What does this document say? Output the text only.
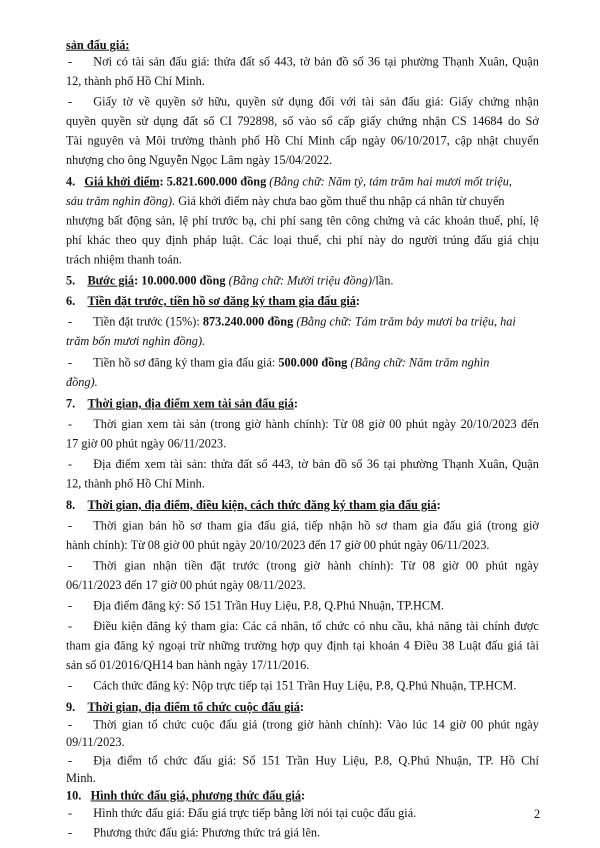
sản đấu giá:
- Nơi có tài sản đấu giá: thửa đất số 443, tờ bản đồ số 36 tại phường Thạnh Xuân, Quận
12, thành phố Hồ Chí Minh.
- Giấy tờ về quyền sở hữu, quyền sử dụng đối với tài sản đấu giá: Giấy chứng nhận
quyền quyền sử dụng đất số CI 792898, số vào sổ cấp giấy chứng nhận CS 14684 do Sở
Tài nguyên và Môi trường thành phố Hồ Chí Minh cấp ngày 06/10/2017, cập nhật chuyển
nhượng cho ông Nguyễn Ngọc Lâm ngày 15/04/2022.
4. Giá khởi điểm: 5.821.600.000 đồng (Bằng chữ: Năm tỷ, tám trăm hai mươi mốt triệu,
sáu trăm nghìn đồng). Giá khởi điểm này chưa bao gồm thuế thu nhập cá nhân từ chuyển
nhượng bất động sản, lệ phí trước bạ, chi phí sang tên công chứng và các khoản thuế, phí, lệ
phí khác theo quy định pháp luật. Các loại thuế, chi phí này do người trúng đấu giá chịu
trách nhiệm thanh toán.
5. Bước giá: 10.000.000 đồng (Bằng chữ: Mười triệu đồng)/lần.
6. Tiền đặt trước, tiền hồ sơ đăng ký tham gia đấu giá:
- Tiền đặt trước (15%): 873.240.000 đồng (Bằng chữ: Tám trăm bảy mươi ba triệu, hai
trăm bốn mươi nghìn đồng).
- Tiền hồ sơ đăng ký tham gia đấu giá: 500.000 đồng (Bằng chữ: Năm trăm nghìn
đồng).
7. Thời gian, địa điểm xem tài sản đấu giá:
- Thời gian xem tài sản (trong giờ hành chính): Từ 08 giờ 00 phút ngày 20/10/2023 đến
17 giờ 00 phút ngày 06/11/2023.
- Địa điểm xem tài sản: thửa đất số 443, tờ bản đồ số 36 tại phường Thạnh Xuân, Quận
12, thành phố Hồ Chí Minh.
8. Thời gian, địa điểm, điều kiện, cách thức đăng ký tham gia đấu giá:
- Thời gian bán hồ sơ tham gia đấu giá, tiếp nhận hồ sơ tham gia đấu giá (trong giờ
hành chính): Từ 08 giờ 00 phút ngày 20/10/2023 đến 17 giờ 00 phút ngày 06/11/2023.
- Thời gian nhận tiền đặt trước (trong giờ hành chính): Từ 08 giờ 00 phút ngày
06/11/2023 đến 17 giờ 00 phút ngày 08/11/2023.
- Địa điểm đăng ký: Số 151 Trần Huy Liệu, P.8, Q.Phú Nhuận, TP.HCM.
- Điều kiện đăng ký tham gia: Các cá nhân, tổ chức có nhu cầu, khả năng tài chính được
tham gia đăng ký ngoại trừ những trường hợp quy định tại khoản 4 Điều 38 Luật đấu giá tài
sản số 01/2016/QH14 ban hành ngày 17/11/2016.
- Cách thức đăng ký: Nộp trực tiếp tại 151 Trần Huy Liệu, P.8, Q.Phú Nhuận, TP.HCM.
9. Thời gian, địa điểm tổ chức cuộc đấu giá:
- Thời gian tổ chức cuộc đấu giá (trong giờ hành chính): Vào lúc 14 giờ 00 phút ngày
09/11/2023.
2
- Địa điểm tổ chức đấu giá: Số 151 Trần Huy Liệu, P.8, Q.Phú Nhuận, TP. Hồ Chí
Minh.
10. Hình thức đấu giá, phương thức đấu giá:
- Hình thức đấu giá: Đấu giá trực tiếp bằng lời nói tại cuộc đấu giá.
- Phương thức đấu giá: Phương thức trả giá lên.
